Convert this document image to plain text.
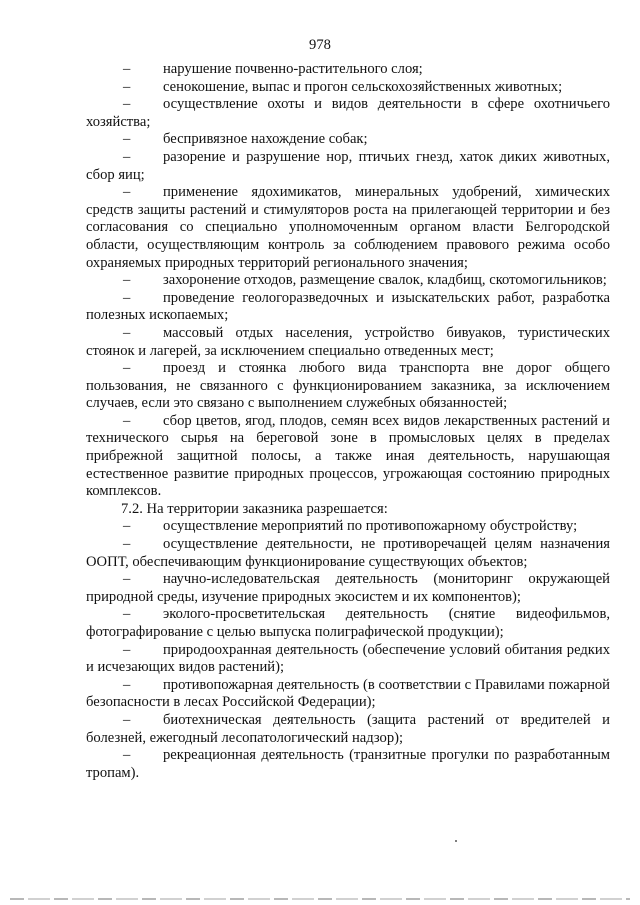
978

– нарушение почвенно-растительного слоя;

– сенокошение, выпас и прогон сельскохозяйственных животных;

– осуществление охоты и видов деятельности в сфере охотничьего хозяйства;

– беспривязное нахождение собак;

– разорение и разрушение нор, птичьих гнезд, хаток диких животных, сбор яиц;

– применение ядохимикатов, минеральных удобрений, химических средств защиты растений и стимуляторов роста на прилегающей территории и без согласования со специально уполномоченным органом власти Белгородской области, осуществляющим контроль за соблюдением правового режима особо охраняемых природных территорий регионального значения;

– захоронение отходов, размещение свалок, кладбищ, скотомогильников;

– проведение геологоразведочных и изыскательских работ, разработка полезных ископаемых;

– массовый отдых населения, устройство бивуаков, туристических стоянок и лагерей, за исключением специально отведенных мест;

– проезд и стоянка любого вида транспорта вне дорог общего пользования, не связанного с функционированием заказника, за исключением случаев, если это связано с выполнением служебных обязанностей;

– сбор цветов, ягод, плодов, семян всех видов лекарственных растений и технического сырья на береговой зоне в промысловых целях в пределах прибрежной защитной полосы, а также иная деятельность, нарушающая естественное развитие природных процессов, угрожающая состоянию природных комплексов.

7.2. На территории заказника разрешается:

– осуществление мероприятий по противопожарному обустройству;

– осуществление деятельности, не противоречащей целям назначения ООПТ, обеспечивающим функционирование существующих объектов;

– научно-иследовательская деятельность (мониторинг окружающей природной среды, изучение природных экосистем и их компонентов);

– эколого-просветительская деятельность (снятие видеофильмов, фотографирование с целью выпуска полиграфической продукции);

– природоохранная деятельность (обеспечение условий обитания редких и исчезающих видов растений);

– противопожарная деятельность (в соответствии с Правилами пожарной безопасности в лесах Российской Федерации);

– биотехническая деятельность (защита растений от вредителей и болезней, ежегодный лесопатологический надзор);

– рекреационная деятельность (транзитные прогулки по разработанным тропам).
